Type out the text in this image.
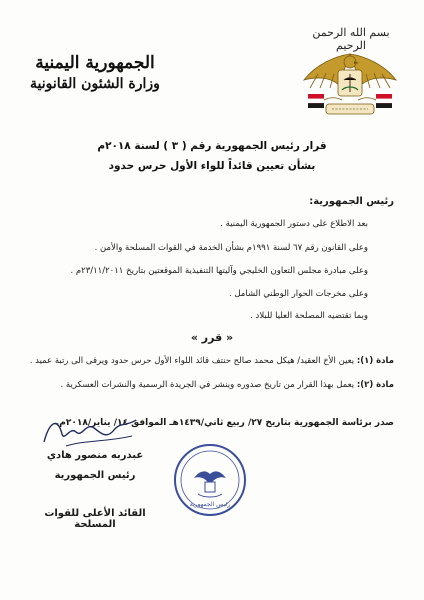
بسم الله الرحمن الرحيم
الجمهورية اليمنية
وزارة الشئون القانونية
قرار رئيس الجمهورية رقم ( ٣ ) لسنة ٢٠١٨م
بشأن تعيين قائداً للواء الأول حرس حدود
رئيس الجمهورية:
بعد الاطلاع على دستور الجمهورية اليمنية .
وعلى القانون رقم ٦٧ لسنة ١٩٩١م بشأن الخدمة في القوات المسلحة والأمن .
وعلى مبادرة مجلس التعاون الخليجي وآليتها التنفيذية الموقعتين بتاريخ ٢٣/١١/٢٠١١م .
وعلى مخرجات الحوار الوطني الشامل .
وبما تقتضيه المصلحة العليا للبلاد .
« قرر »
مادة (١): يعين الأخ العقيد/ هيكل محمد صالح حنتف قائد اللواء الأول حرس حدود ويرقى الى رتبة عميد .
مادة (٢): يعمل بهذا القرار من تاريخ صدوره وينشر في الجريدة الرسمية والنشرات العسكرية .
صدر برئاسة الجمهورية بتاريخ ٢٧/ ربيع ثاني/١٤٣٩هـ الموافق ١٤/ يناير/٢٠١٨م.
عبدربه منصور هادي
رئيس الجمهورية
القائد الأعلى للقوات المسلحة
رئيس الجمهورية
